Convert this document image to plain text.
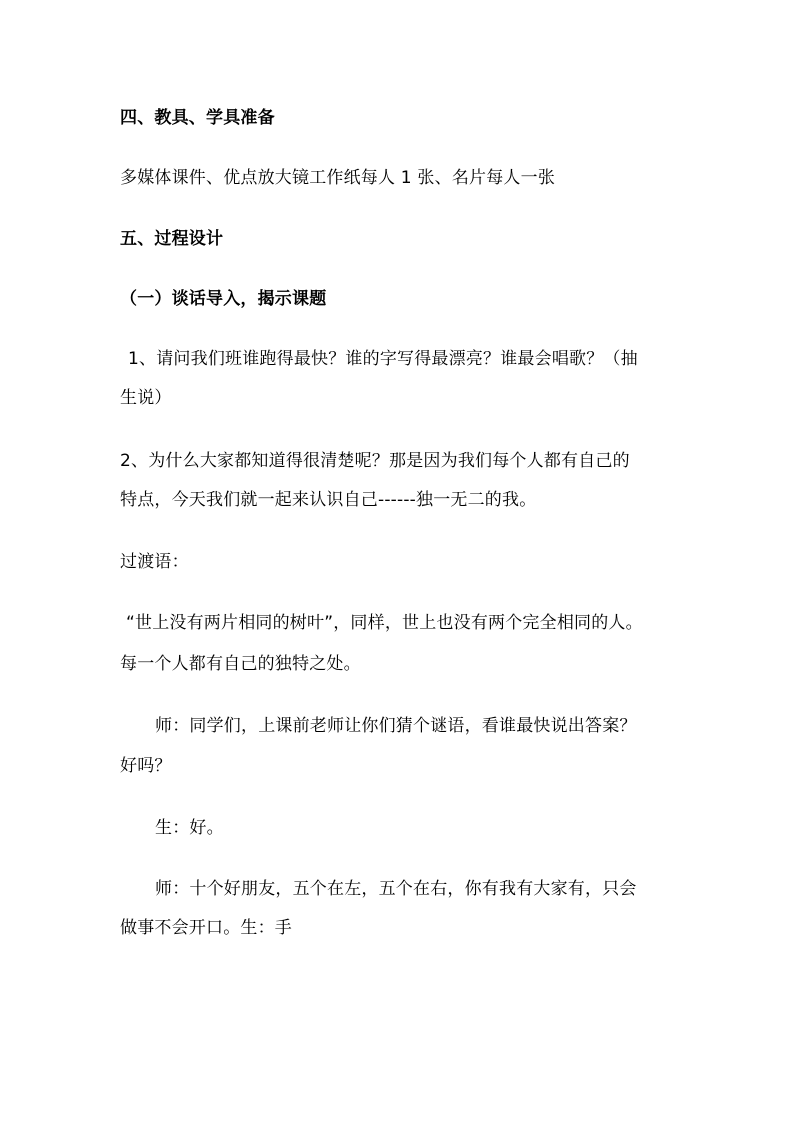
四、教具、学具准备
多媒体课件、优点放大镜工作纸每人 1 张、名片每人一张
五、过程设计
（一）谈话导入，揭示课题
1、请问我们班谁跑得最快？谁的字写得最漂亮？谁最会唱歌？（抽
生说）
2、为什么大家都知道得很清楚呢？那是因为我们每个人都有自己的
特点，今天我们就一起来认识自己------独一无二的我。
过渡语：
“世上没有两片相同的树叶”，同样，世上也没有两个完全相同的人。
每一个人都有自己的独特之处。
师：同学们，上课前老师让你们猜个谜语，看谁最快说出答案？
好吗？
生：好。
师：十个好朋友，五个在左，五个在右，你有我有大家有，只会
做事不会开口。生：手
